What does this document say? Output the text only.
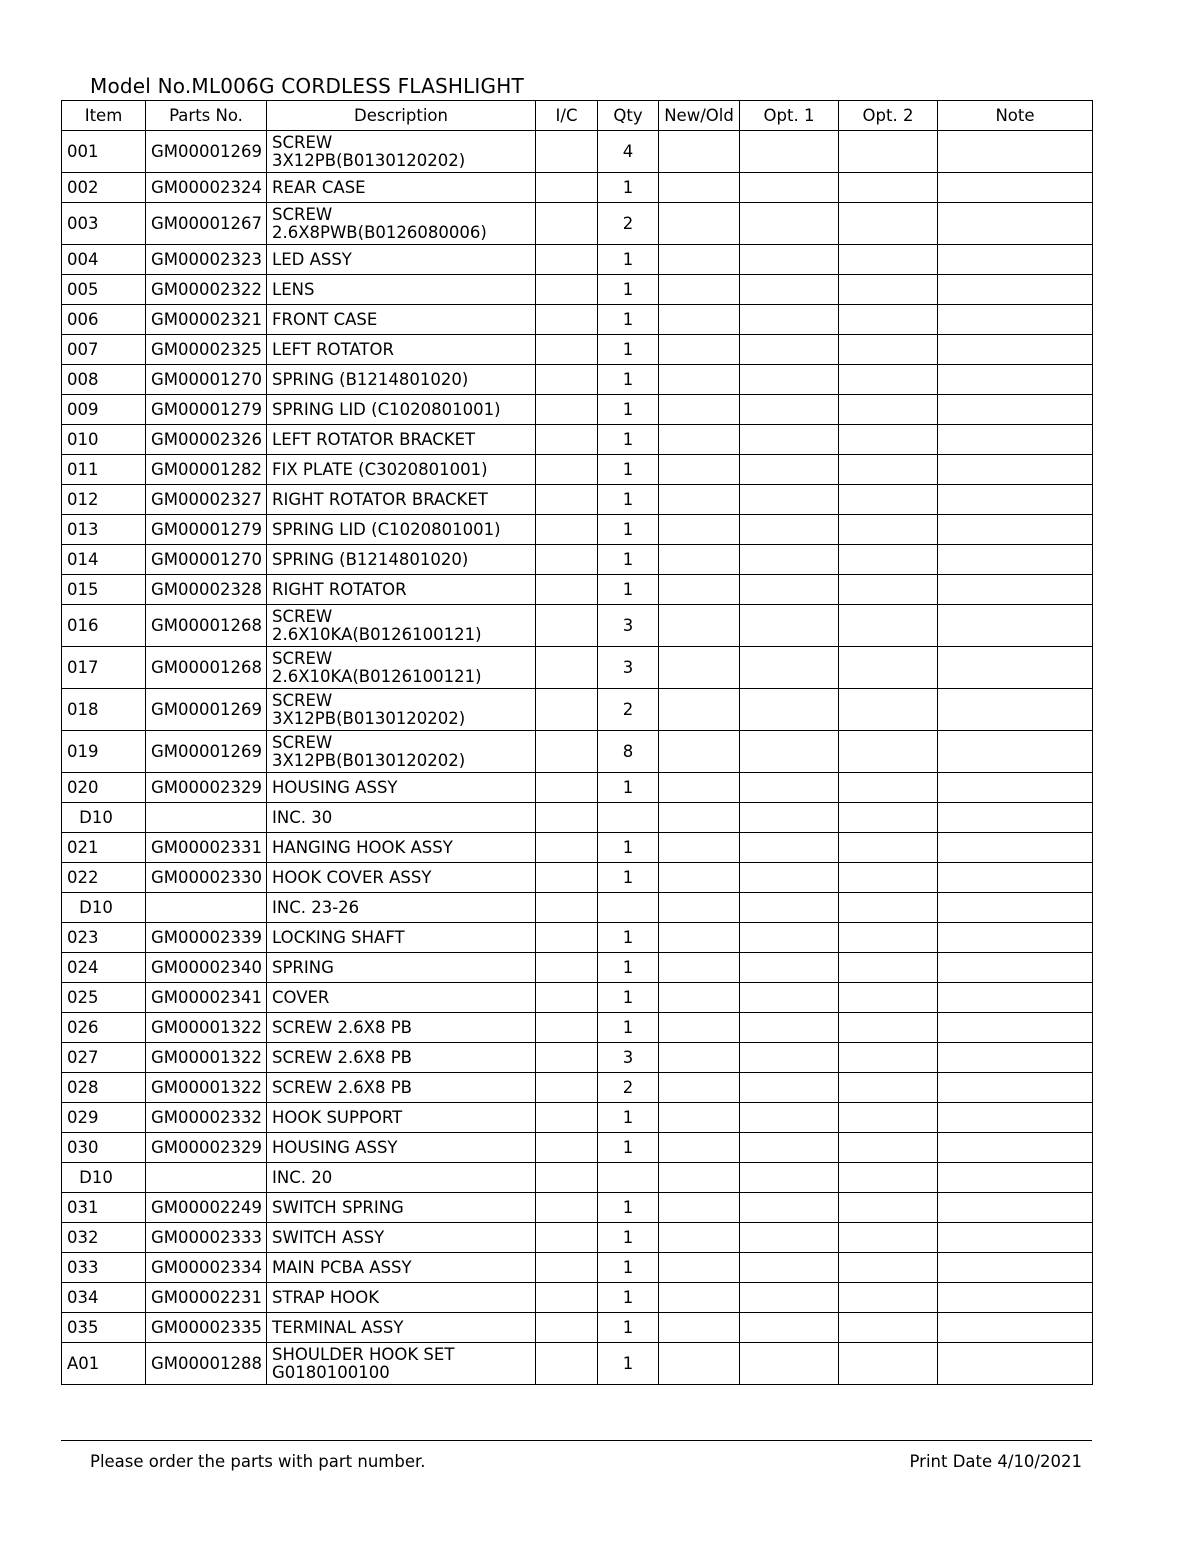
Model No.ML006G CORDLESS FLASHLIGHT
Item	Parts No.	Description	I/C	Qty	New/Old	Opt. 1	Opt. 2	Note
001	GM00001269	SCREW
3X12PB(B0130120202)		4				
002	GM00002324	REAR CASE		1				
003	GM00001267	SCREW
2.6X8PWB(B0126080006)		2				
004	GM00002323	LED ASSY		1				
005	GM00002322	LENS		1				
006	GM00002321	FRONT CASE		1				
007	GM00002325	LEFT ROTATOR		1				
008	GM00001270	SPRING (B1214801020)		1				
009	GM00001279	SPRING LID (C1020801001)		1				
010	GM00002326	LEFT ROTATOR BRACKET		1				
011	GM00001282	FIX PLATE (C3020801001)		1				
012	GM00002327	RIGHT ROTATOR BRACKET		1				
013	GM00001279	SPRING LID (C1020801001)		1				
014	GM00001270	SPRING (B1214801020)		1				
015	GM00002328	RIGHT ROTATOR		1				
016	GM00001268	SCREW
2.6X10KA(B0126100121)		3				
017	GM00001268	SCREW
2.6X10KA(B0126100121)		3				
018	GM00001269	SCREW
3X12PB(B0130120202)		2				
019	GM00001269	SCREW
3X12PB(B0130120202)		8				
020	GM00002329	HOUSING ASSY		1				
D10		INC. 30						

021	GM00002331	HANGING HOOK ASSY		1				
022	GM00002330	HOOK COVER ASSY		1				
D10		INC. 23-26						

023	GM00002339	LOCKING SHAFT		1				
024	GM00002340	SPRING		1				
025	GM00002341	COVER		1				
026	GM00001322	SCREW 2.6X8 PB		1				
027	GM00001322	SCREW 2.6X8 PB		3				
028	GM00001322	SCREW 2.6X8 PB		2				
029	GM00002332	HOOK SUPPORT		1				
030	GM00002329	HOUSING ASSY		1				
D10		INC. 20						

031	GM00002249	SWITCH SPRING		1				
032	GM00002333	SWITCH ASSY		1				
033	GM00002334	MAIN PCBA ASSY		1				
034	GM00002231	STRAP HOOK		1				
035	GM00002335	TERMINAL ASSY		1				
A01	GM00001288	SHOULDER HOOK SET
G0180100100		1				
Please order the parts with part number.	Print Date 4/10/2021
